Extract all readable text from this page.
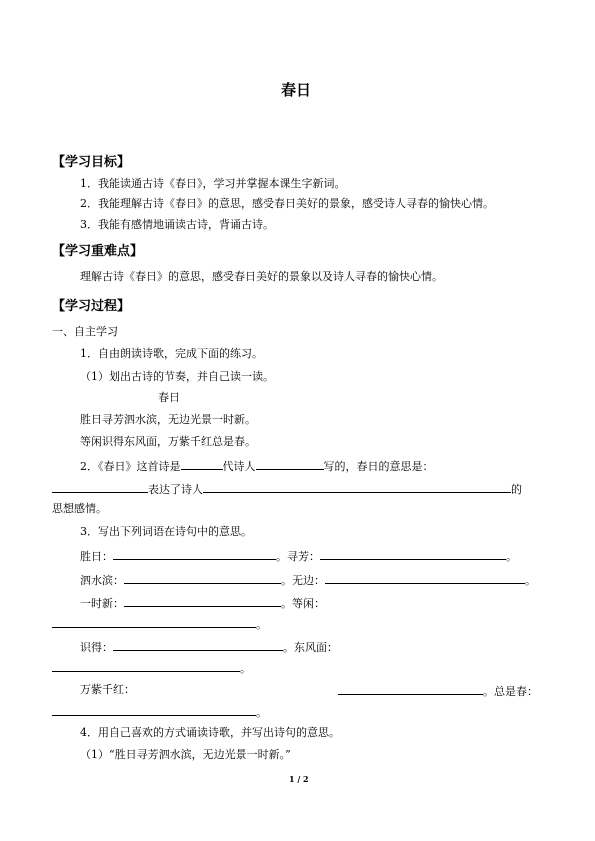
春日
【学习目标】
1．我能读通古诗《春日》，学习并掌握本课生字新词。
2．我能理解古诗《春日》的意思，感受春日美好的景象，感受诗人寻春的愉快心情。
3．我能有感情地诵读古诗，背诵古诗。
【学习重难点】
理解古诗《春日》的意思，感受春日美好的景象以及诗人寻春的愉快心情。
【学习过程】
一、自主学习
1．自由朗读诗歌，完成下面的练习。
（1）划出古诗的节奏，并自己读一读。
春日
胜日寻芳泗水滨，无边光景一时新。
等闲识得东风面，万紫千红总是春。
2．《春日》这首诗是	代诗人	写的，春日的意思是：
表达了诗人	的
思想感情。
3．写出下列词语在诗句中的意思。
胜日：	。寻芳：	。
泗水滨：	。无边：	。
一时新：	。等闲：
。
识得：	。东风面：
。
万紫千红：	。总是春：
。
4．用自己喜欢的方式诵读诗歌，并写出诗句的意思。
（1）“胜日寻芳泗水滨，无边光景一时新。”
1 / 2
